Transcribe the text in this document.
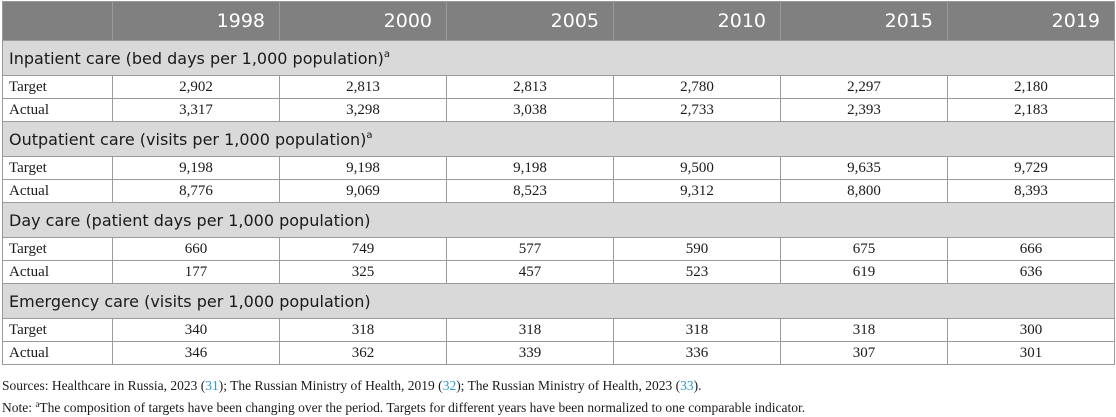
	1998	2000	2005	2010	2015	2019
Inpatient care (bed days per 1,000 population)$^a$
Target	2,902	2,813	2,813	2,780	2,297	2,180
Actual	3,317	3,298	3,038	2,733	2,393	2,183
Outpatient care (visits per 1,000 population)$^a$
Target	9,198	9,198	9,198	9,500	9,635	9,729
Actual	8,776	9,069	8,523	9,312	8,800	8,393
Day care (patient days per 1,000 population)						
Target	660	749	577	590	675	666
Actual	177	325	457	523	619	636
Emergency care (visits per 1,000 population)						
Target	340	318	318	318	318	300
Actual	346	362	339	336	307	301

Sources: Healthcare in Russia, 2023 (31); The Russian Ministry of Health, 2019 (32); The Russian Ministry of Health, 2023 (33).

Note: $^a$The composition of targets have been changing over the period. Targets for different years have been normalized to one comparable indicator.
